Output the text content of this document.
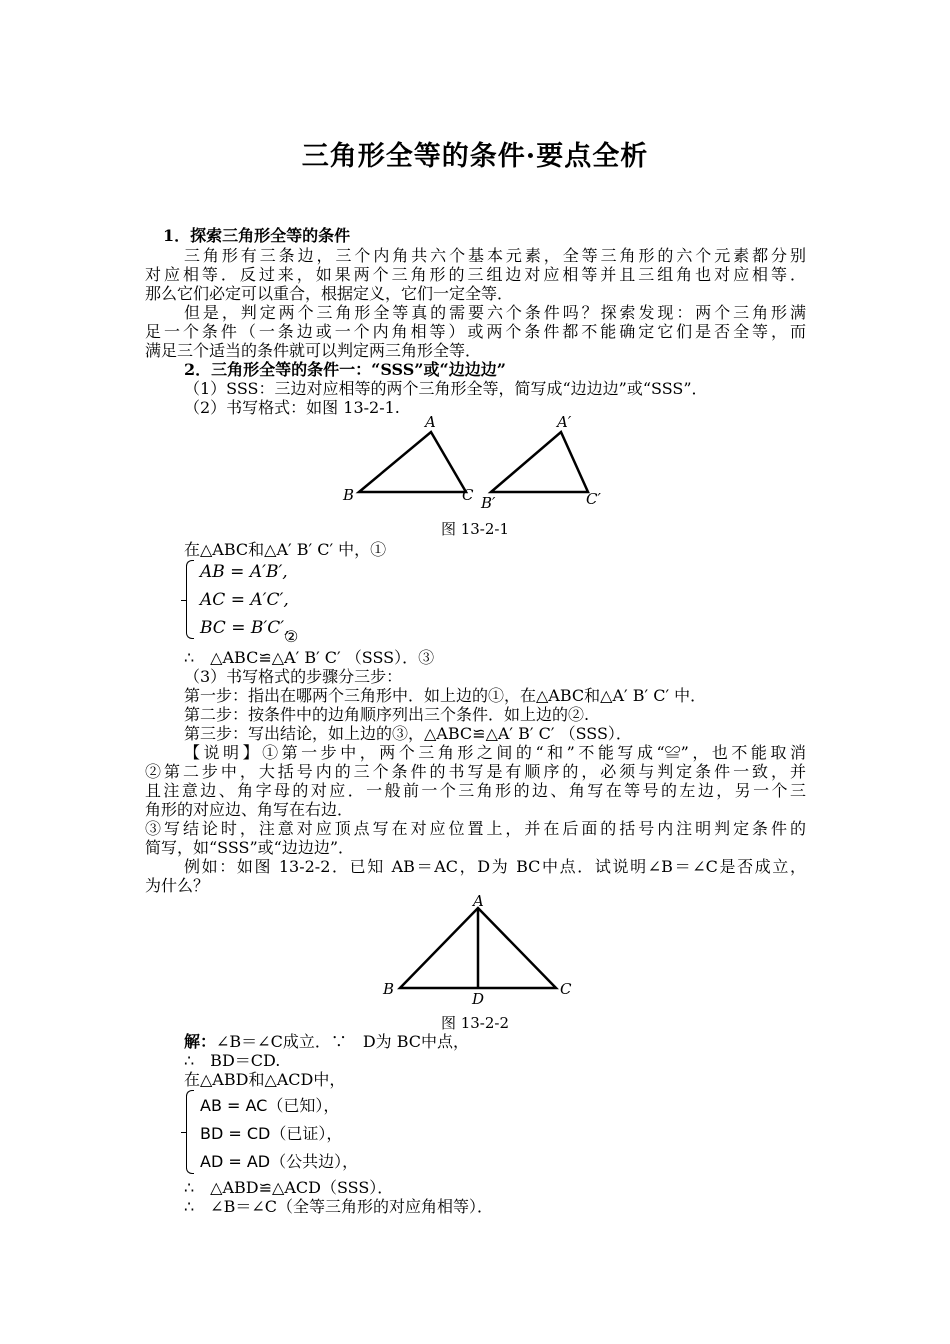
三角形全等的条件·要点全析
1．探索三角形全等的条件
三角形有三条边，三个内角共六个基本元素，全等三角形的六个元素都分别
对应相等．反过来，如果两个三角形的三组边对应相等并且三组角也对应相等．
那么它们必定可以重合，根据定义，它们一定全等．
但是，判定两个三角形全等真的需要六个条件吗？探索发现：两个三角形满
足一个条件（一条边或一个内角相等）或两个条件都不能确定它们是否全等，而
满足三个适当的条件就可以判定两三角形全等．
2．三角形全等的条件一：“SSS”或“边边边”
（1）SSS：三边对应相等的两个三角形全等，简写成“边边边”或“SSS”．
（2）书写格式：如图 13-2-1.
A
B	C
A′
B′	C′
图 13-2-1
在△ABC和△A′ B′ C′ 中，①
AB = A′B′,
AC = A′C′,
BC = B′C′,
②
∴　△ABC≌△A′ B′ C′ （SSS）．③
（3）书写格式的步骤分三步：
第一步：指出在哪两个三角形中．如上边的①，在△ABC和△A′ B′ C′ 中．
第二步：按条件中的边角顺序列出三个条件．如上边的②.
第三步：写出结论，如上边的③，△ABC≌△A′ B′ C′ （SSS）．
【说明】①第一步中，两个三角形之间的“和”不能写成“≌”，也不能取消
②第二步中，大括号内的三个条件的书写是有顺序的，必须与判定条件一致，并
且注意边、角字母的对应．一般前一个三角形的边、角写在等号的左边，另一个三
角形的对应边、角写在右边．
③写结论时，注意对应顶点写在对应位置上，并在后面的括号内注明判定条件的
简写，如“SSS”或“边边边”．
例如：如图 13-2-2．已知 AB＝AC，D为 BC中点．试说明∠B＝∠C是否成立，
为什么？
A
B	C
D
图 13-2-2
解：∠B＝∠C成立．∵　D为 BC中点，
∴　BD＝CD.
在△ABD和△ACD中，
AB = AC（已知），
BD = CD（已证），
AD = AD（公共边），
∴　△ABD≌△ACD（SSS）．
∴　∠B＝∠C（全等三角形的对应角相等）．
